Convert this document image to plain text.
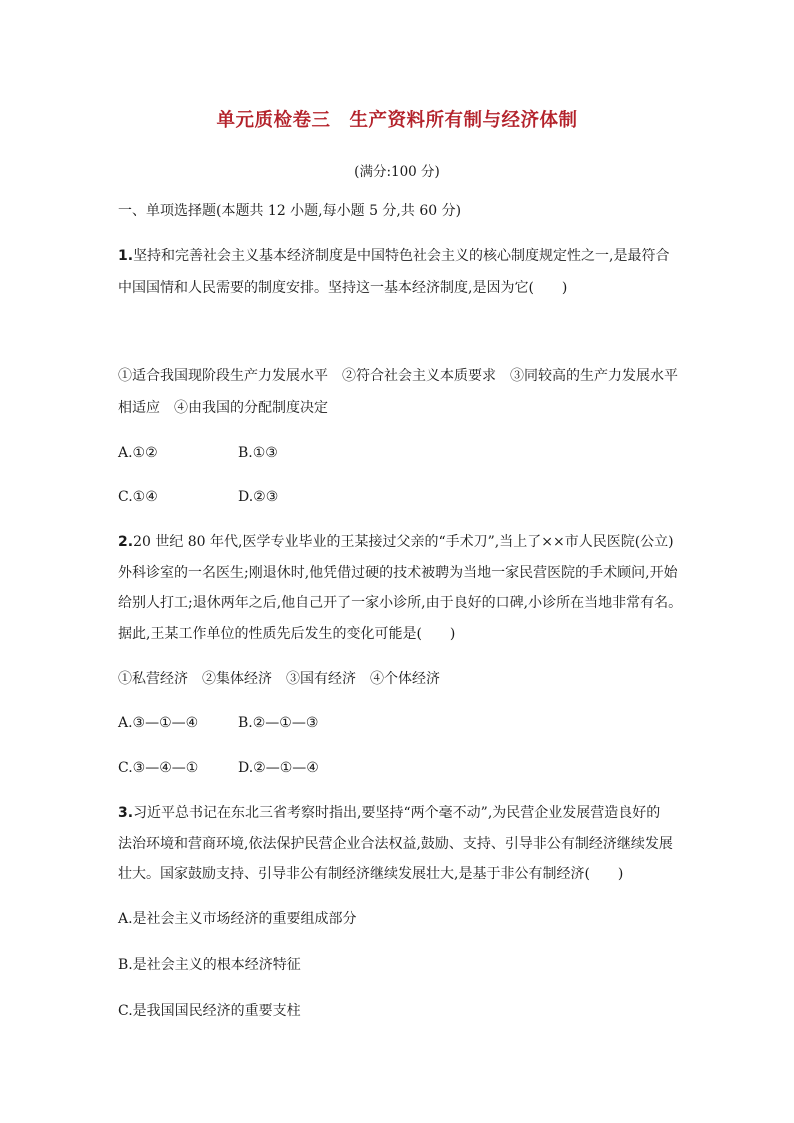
单元质检卷三　生产资料所有制与经济体制
(满分:100 分)
一、单项选择题(本题共 12 小题,每小题 5 分,共 60 分)
1.坚持和完善社会主义基本经济制度是中国特色社会主义的核心制度规定性之一,是最符合
中国国情和人民需要的制度安排。坚持这一基本经济制度,是因为它(　　)
①适合我国现阶段生产力发展水平　②符合社会主义本质要求　③同较高的生产力发展水平
相适应　④由我国的分配制度决定
A.①②	B.①③
C.①④	D.②③
2.20 世纪 80 年代,医学专业毕业的王某接过父亲的“手术刀”,当上了××市人民医院(公立)
外科诊室的一名医生;刚退休时,他凭借过硬的技术被聘为当地一家民营医院的手术顾问,开始
给别人打工;退休两年之后,他自己开了一家小诊所,由于良好的口碑,小诊所在当地非常有名。
据此,王某工作单位的性质先后发生的变化可能是(　　)
①私营经济　②集体经济　③国有经济　④个体经济
A.③—①—④	B.②—①—③
C.③—④—①	D.②—①—④
3.习近平总书记在东北三省考察时指出,要坚持“两个毫不动”,为民营企业发展营造良好的
法治环境和营商环境,依法保护民营企业合法权益,鼓励、支持、引导非公有制经济继续发展
壮大。国家鼓励支持、引导非公有制经济继续发展壮大,是基于非公有制经济(　　)
A.是社会主义市场经济的重要组成部分
B.是社会主义的根本经济特征
C.是我国国民经济的重要支柱
